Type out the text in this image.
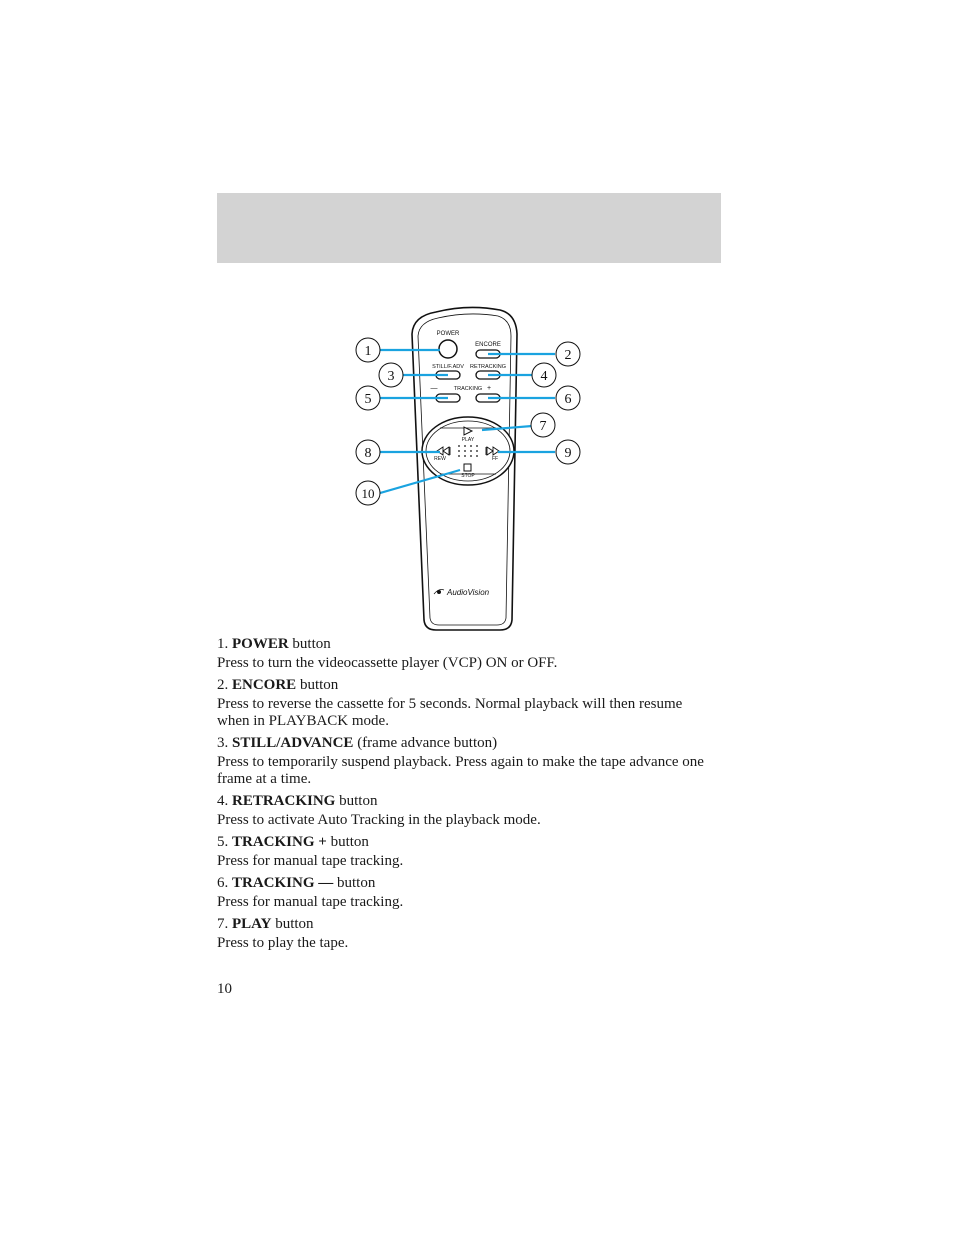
POWER
ENCORE
STILL/F.ADV RETRACKING
—	TRACKING +
PLAY
REW	FF
STOP
AudioVision
1	2
3	4
5	6
7
8	9
10

1. POWER button

Press to turn the videocassette player (VCP) ON or OFF.

2. ENCORE button

Press to reverse the cassette for 5 seconds. Normal playback will then resume when in PLAYBACK mode.

3. STILL/ADVANCE (frame advance button)

Press to temporarily suspend playback. Press again to make the tape advance one frame at a time.

4. RETRACKING button

Press to activate Auto Tracking in the playback mode.

5. TRACKING + button

Press for manual tape tracking.

6. TRACKING — button

Press for manual tape tracking.

7. PLAY button

Press to play the tape.

10
